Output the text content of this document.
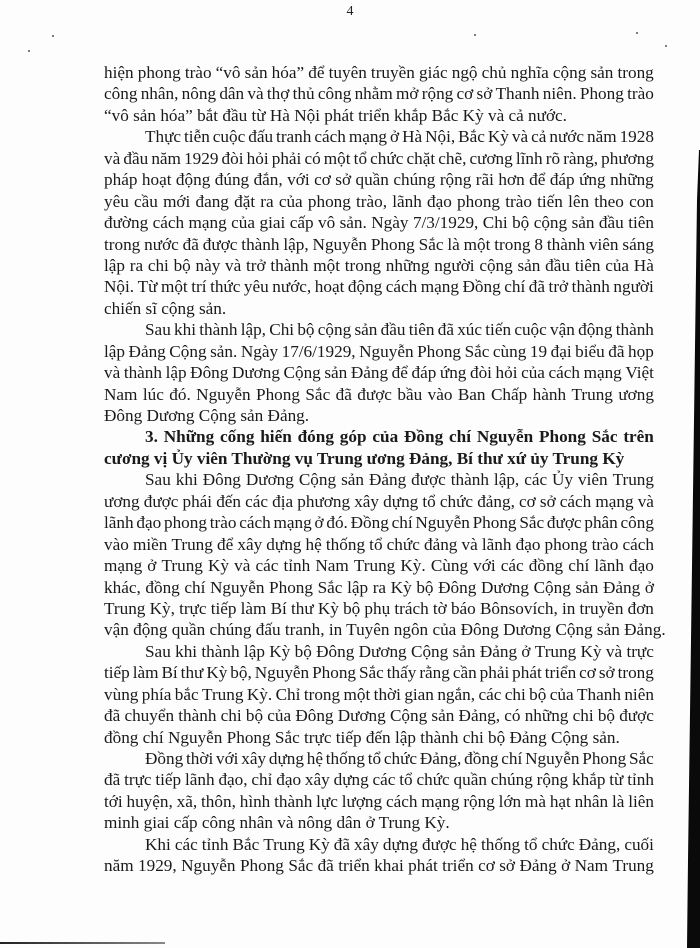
4
hiện phong trào “vô sản hóa” để tuyên truyền giác ngộ chủ nghĩa cộng sản trong
công nhân, nông dân và thợ thủ công nhằm mở rộng cơ sở Thanh niên. Phong trào
“vô sản hóa” bắt đầu từ Hà Nội phát triển khắp Bắc Kỳ và cả nước.
Thực tiễn cuộc đấu tranh cách mạng ở Hà Nội, Bắc Kỳ và cả nước năm 1928
và đầu năm 1929 đòi hỏi phải có một tổ chức chặt chẽ, cương lĩnh rõ ràng, phương
pháp hoạt động đúng đắn, với cơ sở quần chúng rộng rãi hơn để đáp ứng những
yêu cầu mới đang đặt ra của phong trào, lãnh đạo phong trào tiến lên theo con
đường cách mạng của giai cấp vô sản. Ngày 7/3/1929, Chi bộ cộng sản đầu tiên
trong nước đã được thành lập, Nguyễn Phong Sắc là một trong 8 thành viên sáng
lập ra chi bộ này và trở thành một trong những người cộng sản đầu tiên của Hà
Nội. Từ một trí thức yêu nước, hoạt động cách mạng Đồng chí đã trở thành người
chiến sĩ cộng sản.
Sau khi thành lập, Chi bộ cộng sản đầu tiên đã xúc tiến cuộc vận động thành
lập Đảng Cộng sản. Ngày 17/6/1929, Nguyễn Phong Sắc cùng 19 đại biểu đã họp
và thành lập Đông Dương Cộng sản Đảng để đáp ứng đòi hỏi của cách mạng Việt
Nam lúc đó. Nguyễn Phong Sắc đã được bầu vào Ban Chấp hành Trung ương
Đông Dương Cộng sản Đảng.
3. Những cống hiến đóng góp của Đồng chí Nguyễn Phong Sắc trên
cương vị Ủy viên Thường vụ Trung ương Đảng, Bí thư xứ ủy Trung Kỳ
Sau khi Đông Dương Cộng sản Đảng được thành lập, các Ủy viên Trung
ương được phái đến các địa phương xây dựng tổ chức đảng, cơ sở cách mạng và
lãnh đạo phong trào cách mạng ở đó. Đồng chí Nguyễn Phong Sắc được phân công
vào miền Trung để xây dựng hệ thống tổ chức đảng và lãnh đạo phong trào cách
mạng ở Trung Kỳ và các tỉnh Nam Trung Kỳ. Cùng với các đồng chí lãnh đạo
khác, đồng chí Nguyễn Phong Sắc lập ra Kỳ bộ Đông Dương Cộng sản Đảng ở
Trung Kỳ, trực tiếp làm Bí thư Kỳ bộ phụ trách tờ báo Bônsovích, in truyền đơn
vận động quần chúng đấu tranh, in Tuyên ngôn của Đông Dương Cộng sản Đảng.
Sau khi thành lập Kỳ bộ Đông Dương Cộng sản Đảng ở Trung Kỳ và trực
tiếp làm Bí thư Kỳ bộ, Nguyễn Phong Sắc thấy rằng cần phải phát triển cơ sở trong
vùng phía bắc Trung Kỳ. Chỉ trong một thời gian ngắn, các chi bộ của Thanh niên
đã chuyển thành chi bộ của Đông Dương Cộng sản Đảng, có những chi bộ được
đồng chí Nguyễn Phong Sắc trực tiếp đến lập thành chi bộ Đảng Cộng sản.
Đồng thời với xây dựng hệ thống tổ chức Đảng, đồng chí Nguyễn Phong Sắc
đã trực tiếp lãnh đạo, chỉ đạo xây dựng các tổ chức quần chúng rộng khắp từ tỉnh
tới huyện, xã, thôn, hình thành lực lượng cách mạng rộng lớn mà hạt nhân là liên
minh giai cấp công nhân và nông dân ở Trung Kỳ.
Khi các tỉnh Bắc Trung Kỳ đã xây dựng được hệ thống tổ chức Đảng, cuối
năm 1929, Nguyễn Phong Sắc đã triển khai phát triển cơ sở Đảng ở Nam Trung
